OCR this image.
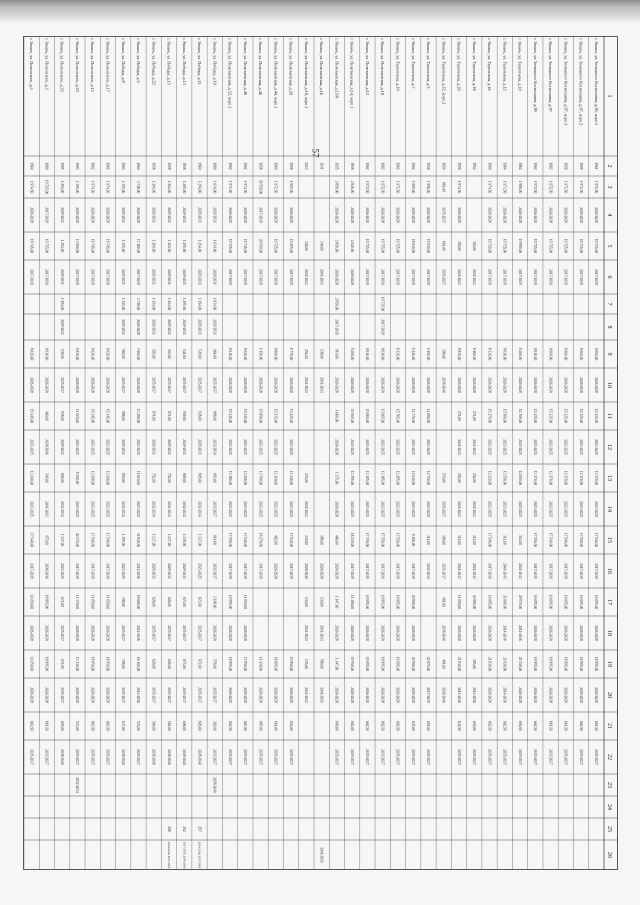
57
1
2
3
4
5
6
7
8
9
10
11
12
13
14
15
16
17
18
19
20
21
22
23
24
25
26
г. Рязань, ул. Земнаного Космонавта, д.95, корп.1
1961
1 972,00
2026-2028
19 725,00
2017-2019
8 000,00
2026-2028
15 325,00
2023-2025
13 370,00
2023-2025
17 540,00
2017-2019
10 095,00
2026-2028
18 995,00
2026-2028
661,50
2035-2037
г. Рязань, ул. Земнаного Космонавта, д.97, корп.2
1959
1 972,50
2026-2028
19 725,00
2017-2019
8 000,00
2026-2028
15 325,00
2023-2025
13 170,00
2023-2025
17 550,00
2017-2019
10 095,00
2026-2028
18 995,00
2026-2028
662,50
2035-2037
г. Рязань, ул. Земнаного Космонавта, д.97, корп.3
1959
1 972,50
2026-2028
19 725,00
2017-2019
8 000,00
2026-2028
15 325,00
2023-2025
13 170,00
2023-2025
17 540,00
2017-2019
10 095,00
2026-2028
18 995,00
2026-2028
661,50
2035-2037
г. Рязань, ул. Земнаного Космонавта, д.97
1962
1 972,50
2026-2028
19 725,00
2017-2019
8 000,00
2026-2028
15 325,00
2023-2025
13 170,00
2023-2025
17 540,00
2017-2019
10 095,00
2026-2028
18 995,00
2026-2028
661,50
2035-2037
г. Рязань, ул. Земнаного Космонавта, д.99
1962
1 972,50
2026-2028
19 725,00
2017-2019
8 010,00
2026-2028
15 325,00
2023-2025
13 170,00
2023-2025
17 550,00
2017-2019
10 095,00
2026-2028
18 995,00
2026-2028
662,50
2035-2037
г. Рязань, ул. Терентьева, д.10
1964
1 988,00
2026-2028
19 880,00
2017-2019
8 400,00
2026-2028
14 700,00
2023-2025
12 650,00
2023-2025
312,00
2041-2043
29 970,00
2014-2016
20 130,00
2026-2028
650,00
2035-2037
г. Рязань, ул. Терентьева, д.12
1964
1 973,50
2026-2028
19 725,00
2017-2019
8 610,00
2026-2028
15 560,00
2023-2025
13 550,00
2023-2025
311,00
2041-2043
31 060,00
2014-2016
21 830,00
2014-2016
662,50
2035-2037
г. Рязань, ул. Терентьева, д.16
1960
1 974,50
2026-2028
19 720,00
2017-2019
8 330,00
2026-2028
15 270,00
2023-2025
13 220,00
2023-2025
17 540,00
2017-2019
10 095,00
2026-2028
21 830,00
2026-2028
662,50
2035-2037
г. Рязань, ул. Терентьева, д.18
1954
350,00
2041-2043
8 460,00
2026-2028
274,00
2041-2043
254,00
2041-2043
312,00
2041-2043
20 980,00
2026-2028
385,00
2014-2016
650,00
2035-2037
г. Рязань, ул. Терентьева, д.20
1956
1 974,50
2026-2028
350,00
2041-2043
8 830,00
2026-2028
274,00
2041-2043
254,00
2041-2043
312,00
2041-2043
11 090,00
2026-2028
21 830,00
2014-2016
632,50
2035-2037
г. Рязань, ул. Терентьева, д.22, корп.2
1954
861,00
2035-2037
861,00
2035-2037
396,00
2038-2040
570,00
2035-2037
396,00
2035-2037
481,00
2038-2040
481,00
2038-2040
г. Рязань, ул. Терентьева, д.3
1958
1 956,00
2026-2028
19 530,00
2017-2019
9 190,00
2026-2028
14 080,00
2023-2025
12 750,00
2023-2025
311,00
2032-2034
22 870,00
2017-2019
691,00
2035-2037
г. Рязань, ул. Терентьева, д.7
1964
1 889,00
2026-2028
18 830,00
2017-2019
9 440,00
2026-2028
14 770,00
2023-2025
12 620,00
2023-2025
8 180,00
2017-2019
20 980,00
2026-2028
20 980,00
2026-2028
635,00
2035-2037
г. Рязань, ул. Терентьева, д.10
1962
1 972,50
2026-2028
19 725,00
2017-2019
8 330,00
2026-2028
15 765,00
2023-2025
13 285,00
2023-2025
17 550,00
2017-2019
10 995,00
2026-2028
19 095,00
2026-2028
662,50
2035-2037
г. Рязань, ул. Полетаевская, д.10
1962
1 972,50
2026-2028
19 755,00
2017-2019
19 725,00
2017-2019
8 610,00
2026-2028
15 965,00
2023-2025
13 185,00
2023-2025
17 550,00
2017-2019
10 995,00
2026-2028
18 995,00
2026-2028
662,50
2035-2037
г. Рязань, ул. Полетаевская, д.12
1962
1 972,50
2026-2028
19 725,00
2017-2019
8 010,00
2026-2028
15 965,00
2023-2025
13 185,00
2023-2025
17 350,00
2017-2019
10 995,00
2026-2028
19 095,00
2026-2028
662,50
2035-2037
г. Рязань, ул. Полетаевская, д.14, корп.1
1958
2 810,00
2026-2028
2 040,00
2026-2028
9 200,00
2026-2028
15 565,00
2023-2025
13 785,00
2023-2025
18 230,00
2017-2019
11 480,00
2026-2028
19 950,00
2026-2028
602,00
2035-2037
г. Рязань, ул. Полетаевская, д.15/0
1955
2 859,00
2026-2028
2 850,00
2026-2028
2 850,00
2017-2019
910,00
2026-2028
1 660,00
2026-2028
1 375,00
2026-2028
466,00
2026-2028
1 147,00
2026-2028
1 147,00
2026-2028
690,00
2035-2037
г. Рязань, ул. Полетаевская, д.16
2011
340,00
2041-2043
138,00
2041-2043
386,00
2026-2028
130,00
2041-2043
580,00
2041-2043
2041-2043
г. Рязань, ул. Полетаевская, д.18, корп.1
2013
348,00
2041-2043
254,00
2041-2043
274,00
2041-2043
330,00
2028-2040
130,00
2041-2043
135,00
2041-2043
г. Рязань, ул. Полетаевская, д.20
1958
1 905,50
2026-2028
19 495,00
2017-2019
8 770,00
2026-2028
15 225,00
2023-2025
13 140,00
2023-2025
17 510,00
2017-2019
19 950,00
2026-2028
654,00
2035-2037
г. Рязань, ул. Полетаевская, д.44, корп.1
1960
1 972,50
2026-2028
19 725,00
2017-2019
8 800,00
2026-2028
15 335,00
2023-2025
13 110,00
2023-2025
462,00
2026-2028
18 995,00
2026-2028
661,00
2035-2037
г. Рязань, ул. Полетаевская, д.46
1958
20 550,00
2017-2019
20 550,00
2017-2019
9 150,00
2026-2028
15 990,00
2023-2025
13 700,00
2023-2025
18 270,00
2017-2019
11 430,00
2026-2028
687,00
2035-2037
г. Рязань, ул. Полетаевская, д.48
1962
1 974,50
2026-2028
19 745,00
2017-2019
8 020,00
2026-2028
15 345,00
2023-2025
13 200,00
2023-2025
17 540,00
2017-2019
11 050,00
2026-2028
17 950,00
2026-2028
663,50
2035-2037
г. Рязань, ул. Полетаевская, д.52, корп.1
1962
1 972,50
2026-2028
19 725,00
2017-2019
8 010,00
2026-2028
15 345,00
2023-2025
13 180,00
2023-2025
17 550,00
2017-2019
10 995,00
2026-2028
18 995,00
2026-2028
662,50
2035-2037
г. Рязань, ул. Победы, д.10
1960
1 034,00
2029-2031
1 034,00
2029-2031
1 034,00
2029-2031
464,00
2035-2037
806,00
2032-2034
693,00
2035-2037
914,00
2035-2037
3 148,00
2026-2028
576,00
2035-2037
361,00
2035-2037
2038-2040
г. Рязань, ул. Победы, д.11
1960
1 294,00
2029-2031
1 294,00
2029-2031
1 294,00
2029-2031
539,00
2035-2037
938,00
2029-2031
805,00
2032-2034
1 337,00
2023-2025
672,00
2035-2037
672,00
2035-2037
605,00
2038-2040
297
2014-2016, 2017-2019
г. Рязань, ул. Победы, д.13
1958
1 295,00
2029-2031
1 295,00
2029-2031
1 295,00
2029-2031
541,00
2035-2037
939,00
2029-2031
809,00
2032-2034
1 338,00
2029-2031
673,00
2035-2037
673,00
2035-2037
606,00
2038-2040
292
2017-2019, 2014-2016
г. Рязань, ул. Победы, д.15
1958
1 204,00
2029-2031
1 204,00
2029-2031
1 204,00
2029-2031
503,00
2035-2037
874,00
2029-2031
752,00
2032-2034
1 237,00
2029-2031
626,00
2035-2037
626,00
2035-2037
564,00
2038-2040
288
2014-2016, 2017-2019
г. Рязань, ул. Победы, д.22
1958
1 204,00
2029-2031
1 204,00
2029-2031
1 204,00
2029-2031
503,00
2035-2037
874,00
2029-2031
752,00
2032-2034
1 237,00
2029-2031
626,00
2035-2037
626,00
2035-2037
564,00
2038-2040
г. Рязань, ул. Победы, д.3
1960
3 718,00
2026-2028
17 180,00
2017-2019
3 718,00
2026-2028
7 600,00
2026-2028
13 280,00
2023-2025
11 610,00
2023-2025
32 840,00
2014-2016
19 680,00
2014-2016
16 100,00
2014-2016
574,00
2035-2037
г. Рязань, ул. Победы, д.8
1963
1 355,00
2029-2031
1 355,00
2029-2031
1 355,00
2029-2031
569,00
2035-2037
988,00
2029-2031
850,00
2032-2034
1 399,00
2023-2025
708,00
2035-2037
708,00
2035-2037
637,00
2038-2040
г. Рязань, ул. Полонского, д.17
1962
1 974,50
2026-2028
19 745,00
2017-2019
8 020,00
2026-2028
15 345,00
2023-2025
13 200,00
2023-2025
17 540,00
2017-2019
11 050,00
2026-2028
18 950,00
2026-2028
663,50
2035-2037
г. Рязань, ул. Полонского, д.15
1962
1 974,50
2026-2028
19 745,00
2017-2019
8 020,00
2026-2028
15 345,00
2023-2025
13 200,00
2023-2025
17 540,00
2017-2019
11 050,00
2026-2028
18 950,00
2026-2028
663,50
2035-2037
г. Рязань, ул. Полонского, д.23
1983
1 390,00
2026-2028
13 900,00
2017-2019
5 830,00
2026-2028
11 015,00
2023-2025
9 350,00
2023-2025
40 370,00
2017-2019
11 370,00
2026-2028
13 130,00
2026-2028
533,00
2035-2037
2032-2034
г. Рязань, ул. Полонского, д.25
1985
1 294,00
2029-2031
1 294,00
2029-2031
1 294,00
2029-2031
539,00
2035-2037
938,00
2029-2031
805,00
2032-2034
1 337,00
2023-2025
672,00
2035-2037
672,00
2035-2037
605,00
2038-2040
г. Рязань, ул. Полонского, д.3
1960
19 725,00
2017-2019
19 725,00
2017-2019
8 010,00
2026-2028
460,00
2038-2040
349,00
2041-2043
475,00
2038-2040
18 995,00
2026-2028
18 995,00
2026-2028
661,50
2035-2037
г. Рязань, ул. Полонского, д.5
1960
1 974,50
2026-2028
19 745,00
2017-2019
8 020,00
2026-2028
15 345,00
2023-2025
13 200,00
2023-2025
17 540,00
2017-2019
11 050,00
2026-2028
11 050,00
2026-2028
663,50
2035-2037
